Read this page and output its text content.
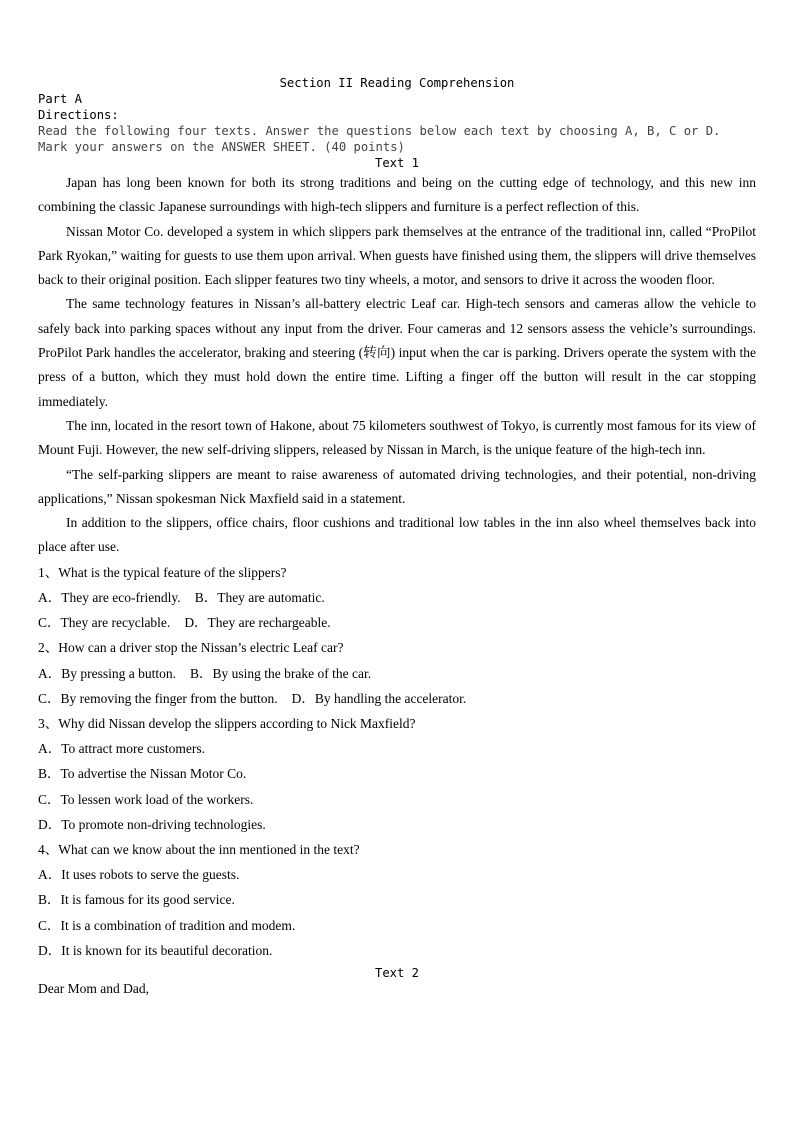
Section II Reading Comprehension
Part A
Directions:
Read the following four texts. Answer the questions below each text by choosing A, B, C or D. Mark your answers on the ANSWER SHEET. (40 points)
Text 1

Japan has long been known for both its strong traditions and being on the cutting edge of technology, and this new inn combining the classic Japanese surroundings with high-tech slippers and furniture is a perfect reflection of this.

Nissan Motor Co. developed a system in which slippers park themselves at the entrance of the traditional inn, called “ProPilot Park Ryokan,” waiting for guests to use them upon arrival. When guests have finished using them, the slippers will drive themselves back to their original position. Each slipper features two tiny wheels, a motor, and sensors to drive it across the wooden floor.

The same technology features in Nissan’s all-battery electric Leaf car. High-tech sensors and cameras allow the vehicle to safely back into parking spaces without any input from the driver. Four cameras and 12 sensors assess the vehicle’s surroundings. ProPilot Park handles the accelerator, braking and steering (转向) input when the car is parking. Drivers operate the system with the press of a button, which they must hold down the entire time. Lifting a finger off the button will result in the car stopping immediately.

The inn, located in the resort town of Hakone, about 75 kilometers southwest of Tokyo, is currently most famous for its view of Mount Fuji. However, the new self-driving slippers, released by Nissan in March, is the unique feature of the high-tech inn.

“The self-parking slippers are meant to raise awareness of automated driving technologies, and their potential, non-driving applications,” Nissan spokesman Nick Maxfield said in a statement.

In addition to the slippers, office chairs, floor cushions and traditional low tables in the inn also wheel themselves back into place after use.

1、What is the typical feature of the slippers?

A．They are eco-friendly. B．They are automatic.

C．They are recyclable. D．They are rechargeable.

2、How can a driver stop the Nissan’s electric Leaf car?

A．By pressing a button. B．By using the brake of the car.

C．By removing the finger from the button. D．By handling the accelerator.

3、Why did Nissan develop the slippers according to Nick Maxfield?

A．To attract more customers.

B．To advertise the Nissan Motor Co.

C．To lessen work load of the workers.

D．To promote non-driving technologies.

4、What can we know about the inn mentioned in the text?

A．It uses robots to serve the guests.

B．It is famous for its good service.

C．It is a combination of tradition and modem.

D．It is known for its beautiful decoration.

Text 2
Dear Mom and Dad,
